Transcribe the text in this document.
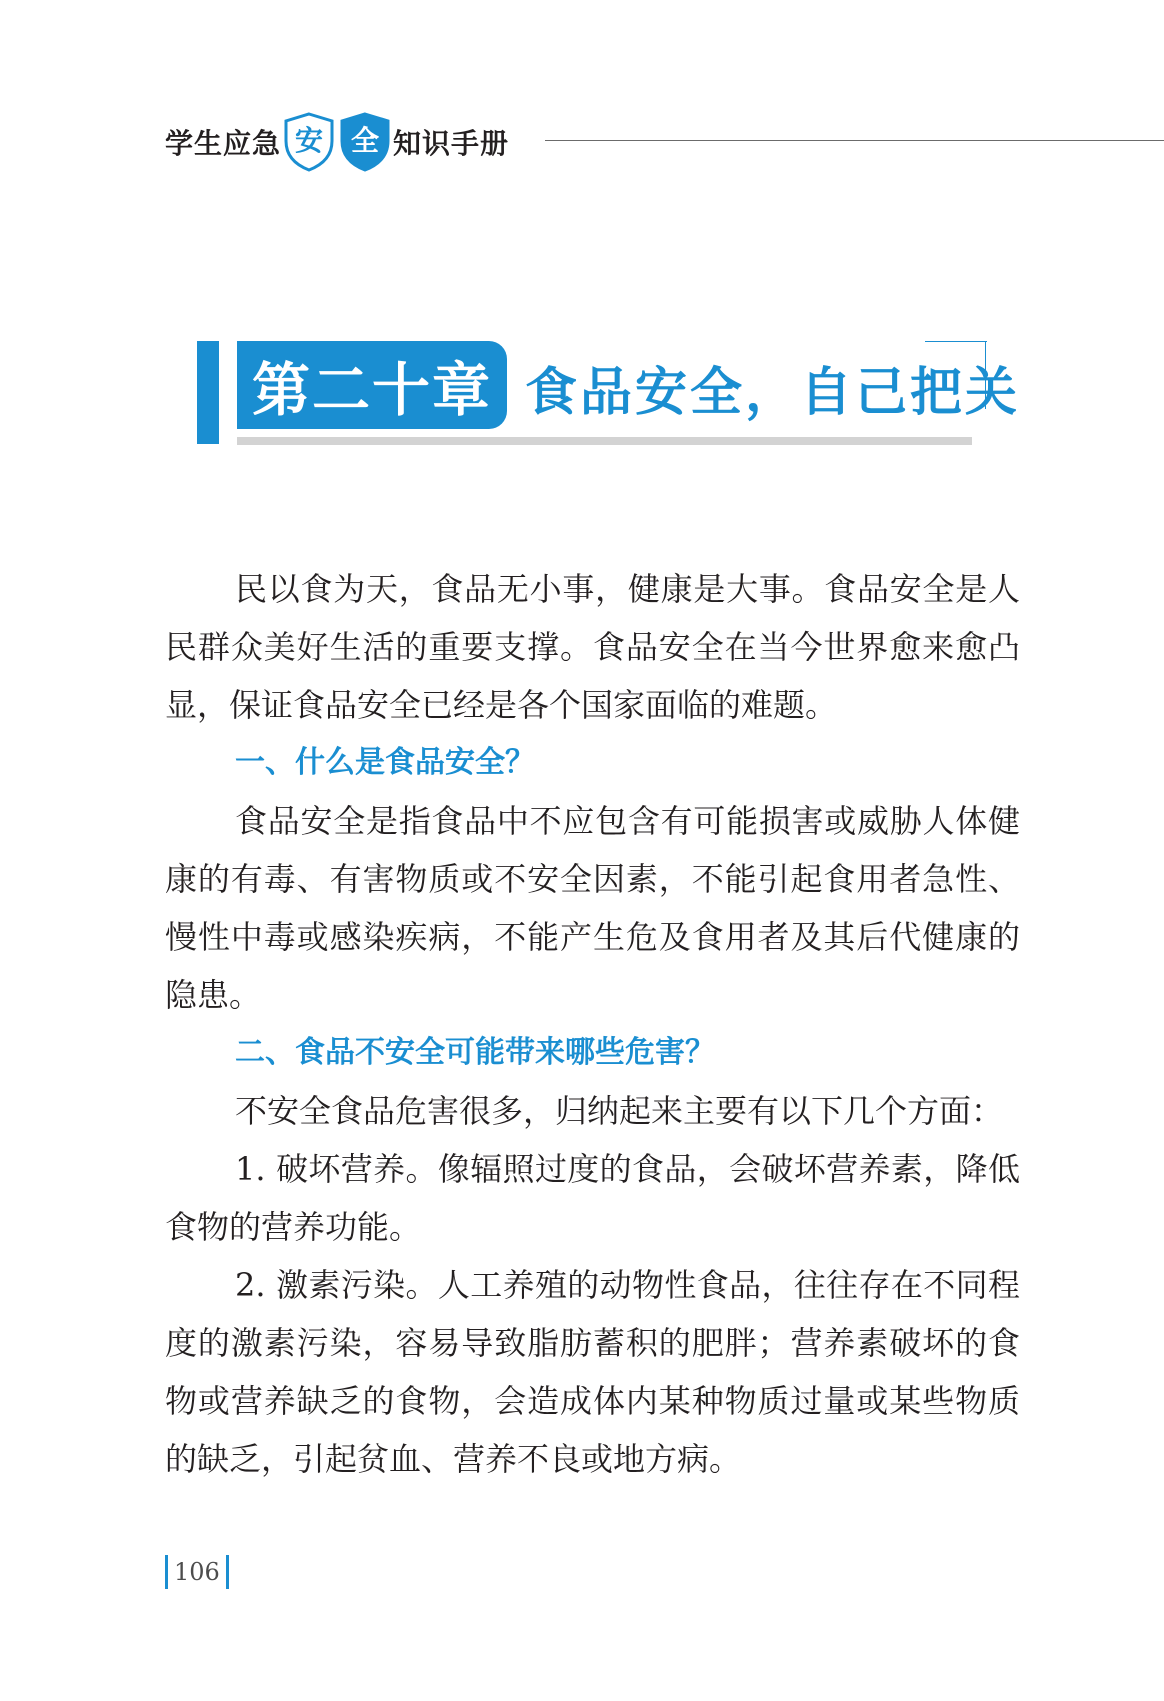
学生应急 安 全 知识手册
第二十章 食品安全，自己把关

民以食为天，食品无小事，健康是大事。食品安全是人民群众美好生活的重要支撑。食品安全在当今世界愈来愈凸显，保证食品安全已经是各个国家面临的难题。

一、什么是食品安全？

食品安全是指食品中不应包含有可能损害或威胁人体健康的有毒、有害物质或不安全因素，不能引起食用者急性、慢性中毒或感染疾病，不能产生危及食用者及其后代健康的隐患。

二、食品不安全可能带来哪些危害？

不安全食品危害很多，归纳起来主要有以下几个方面：

1. 破坏营养。像辐照过度的食品，会破坏营养素，降低食物的营养功能。

2. 激素污染。人工养殖的动物性食品，往往存在不同程度的激素污染，容易导致脂肪蓄积的肥胖；营养素破坏的食物或营养缺乏的食物，会造成体内某种物质过量或某些物质的缺乏，引起贫血、营养不良或地方病。

106
